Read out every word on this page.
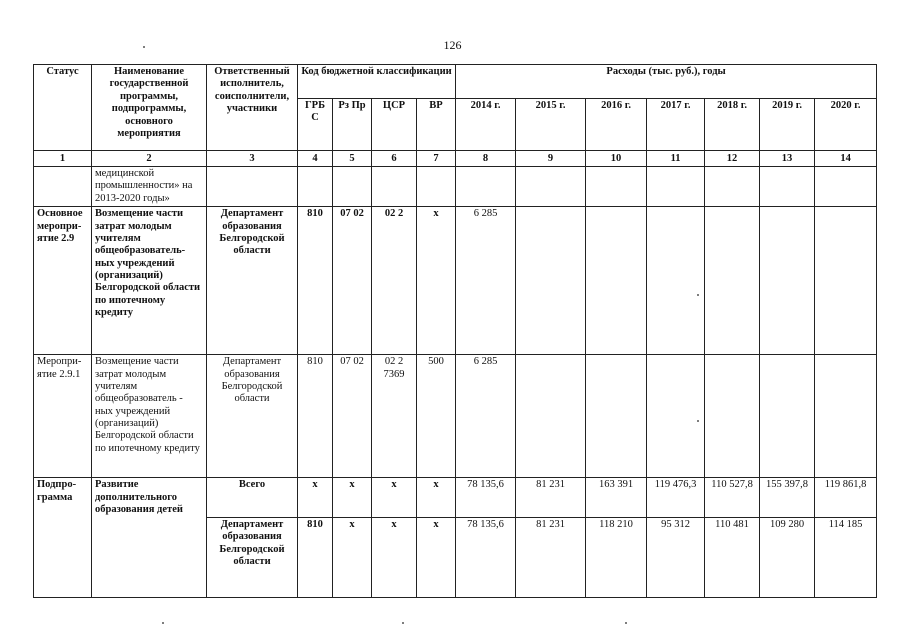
126
Статус	Наименование государственной программы, подпрограммы, основного мероприятия	Ответственный исполнитель, соисполнители, участники	Код бюджетной классификации				Расходы (тыс. руб.), годы						
			ГРБ С	Рз Пр	ЦСР	ВР	2014 г.	2015 г.	2016 г.	2017 г.	2018 г.	2019 г.	2020 г.
1	2	3	4	5	6	7	8	9	10	11	12	13	14
	медицинской промышленности» на 2013-2020 годы»												
Основное меропри-ятие 2.9	Возмещение части затрат молодым учителям общеобразователь-ных учреждений (организаций) Белгородской области по ипотечному кредиту	Департамент образования Белгородской области	810	07 02	02 2	х	6 285						
Меропри-ятие 2.9.1	Возмещение части затрат молодым учителям общеобразователь - ных учреждений (организаций) Белгородской области по ипотечному кредиту	Департамент образования Белгородской области	810	07 02	02 2 7369	500	6 285						
Подпро-грамма	Развитие дополнительного образования детей	Всего	х	х	х	х	78 135,6	81 231	163 391	119 476,3	110 527,8	155 397,8	119 861,8
		Департамент образования Белгородской области	810	х	х	х	78 135,6	81 231	118 210	95 312	110 481	109 280	114 185
